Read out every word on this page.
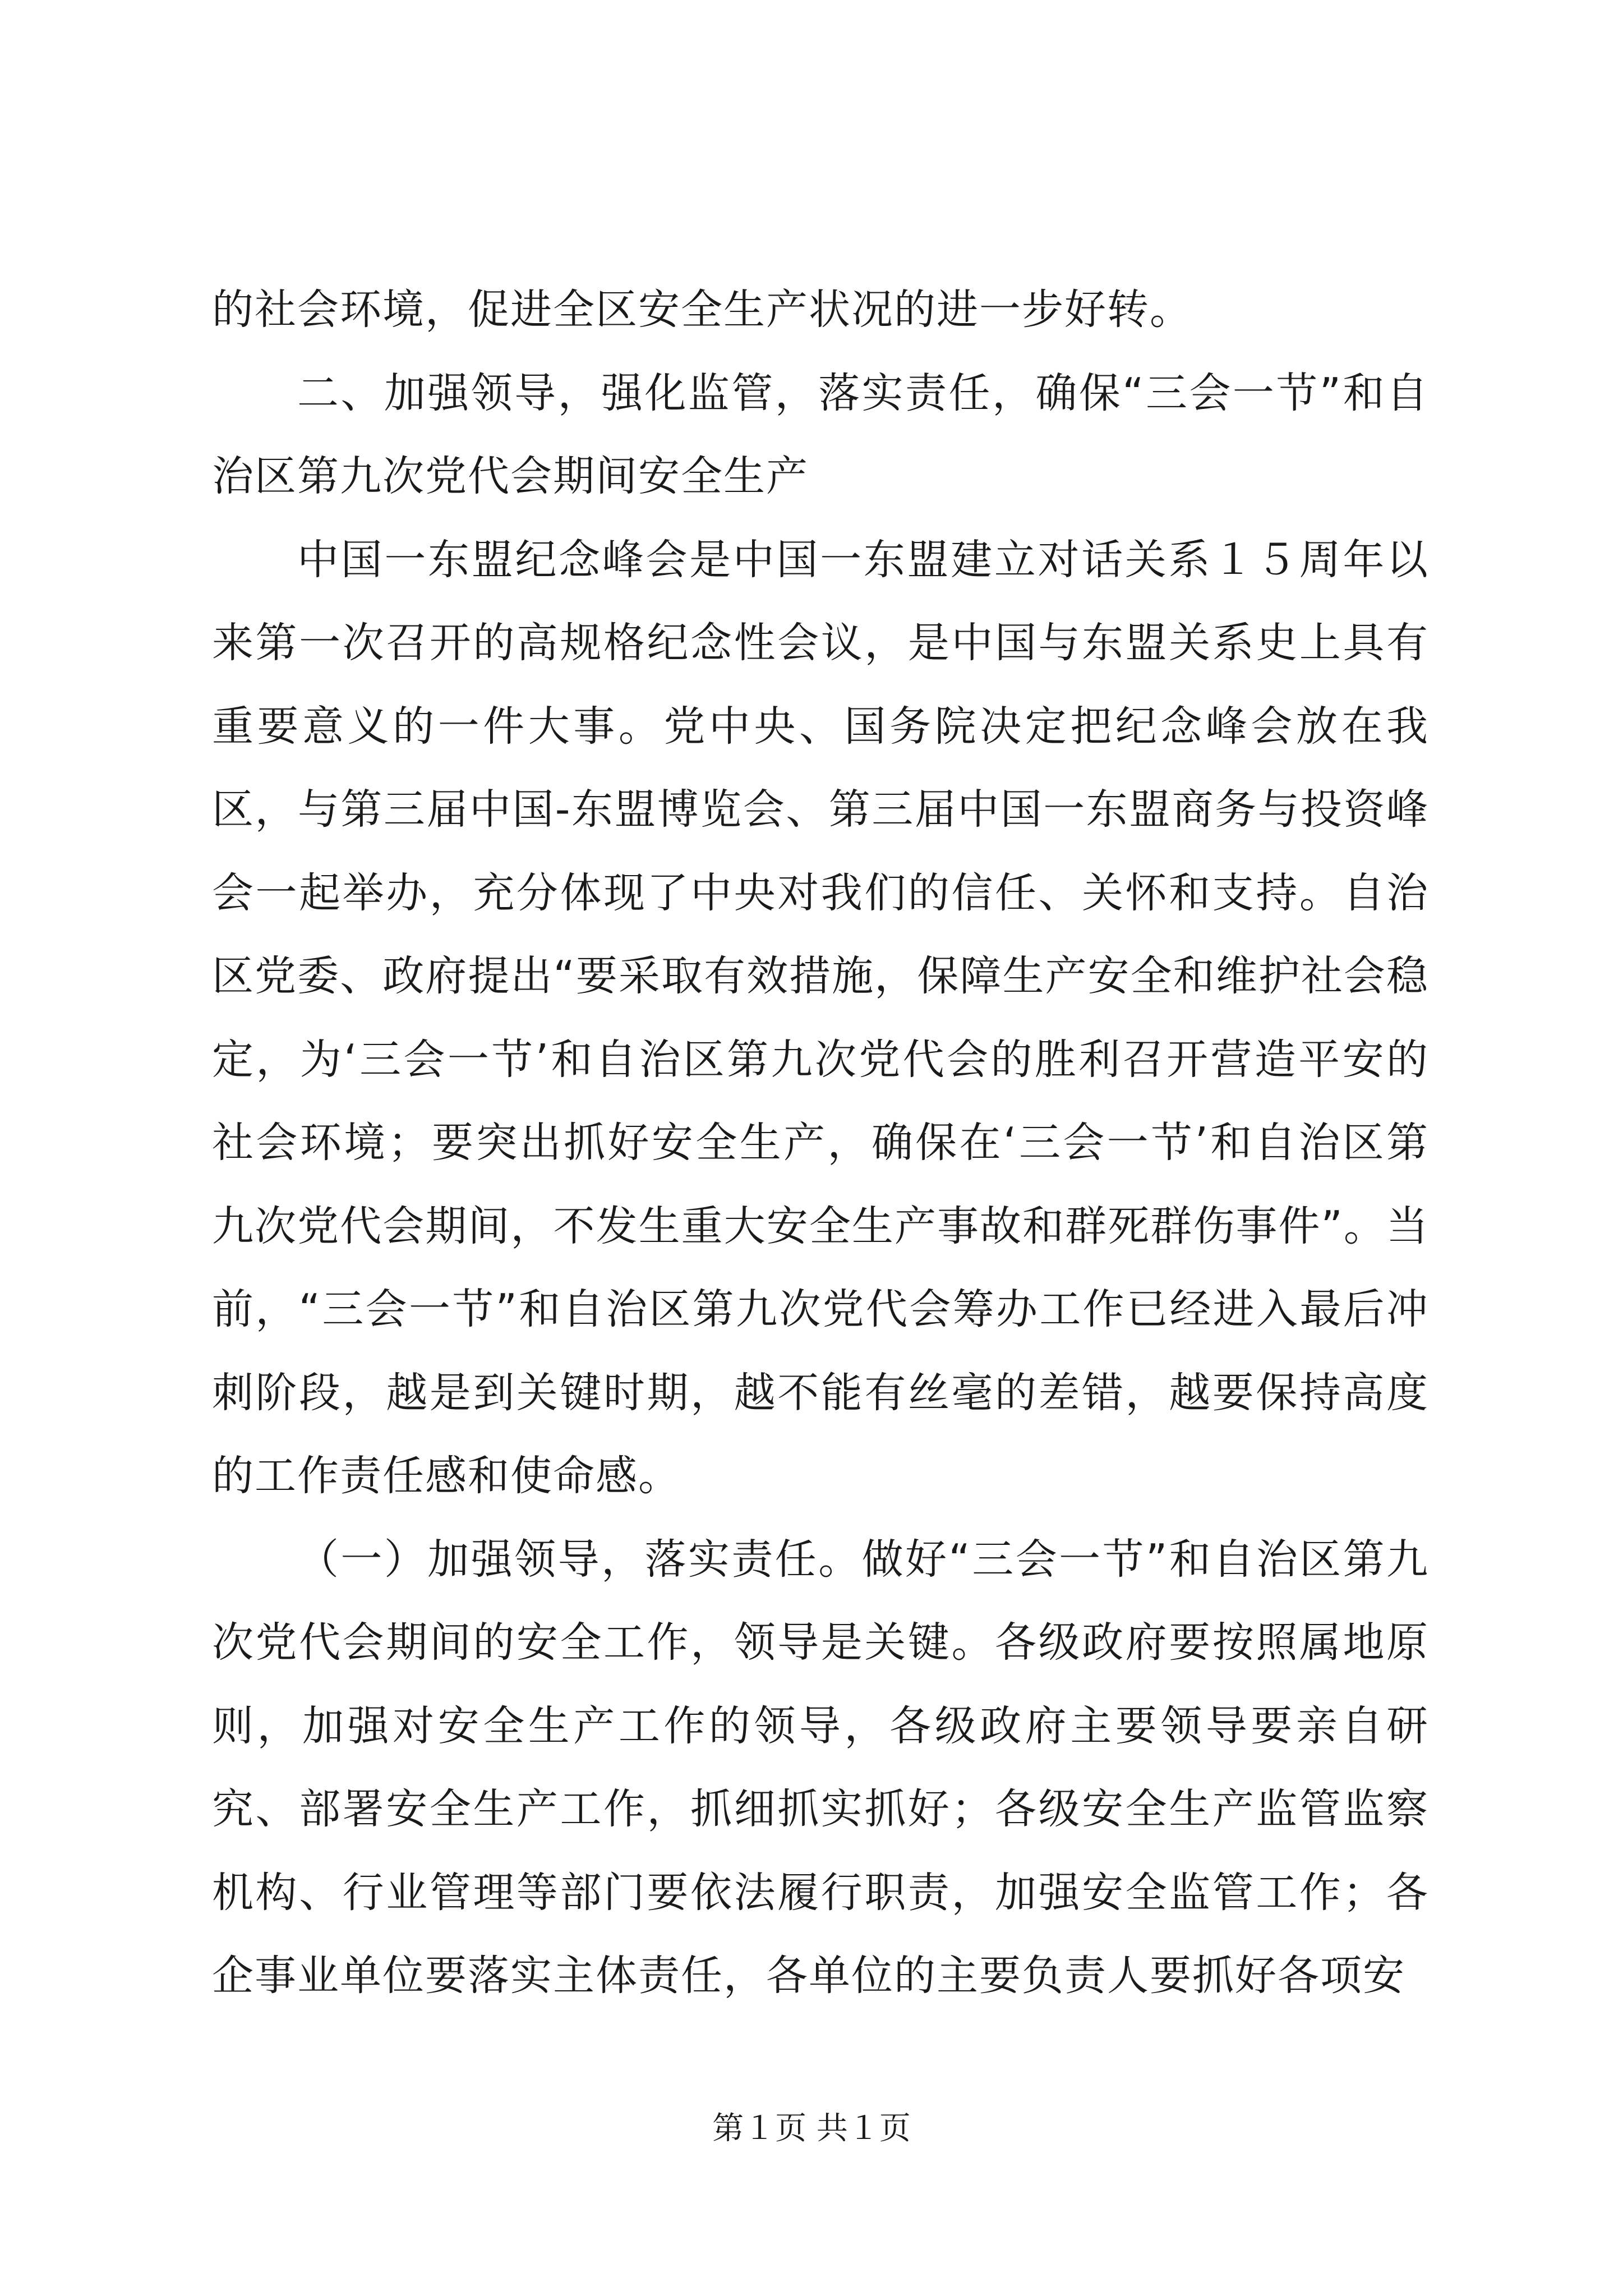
的社会环境，促进全区安全生产状况的进一步好转。

二、加强领导，强化监管，落实责任，确保“三会一节”和自治区第九次党代会期间安全生产

中国一东盟纪念峰会是中国一东盟建立对话关系１５周年以来第一次召开的高规格纪念性会议，是中国与东盟关系史上具有重要意义的一件大事。党中央、国务院决定把纪念峰会放在我区，与第三届中国-东盟博览会、第三届中国一东盟商务与投资峰会一起举办，充分体现了中央对我们的信任、关怀和支持。自治区党委、政府提出“要采取有效措施，保障生产安全和维护社会稳定，为‘三会一节’和自治区第九次党代会的胜利召开营造平安的社会环境；要突出抓好安全生产，确保在‘三会一节’和自治区第九次党代会期间，不发生重大安全生产事故和群死群伤事件”。当前，“三会一节”和自治区第九次党代会筹办工作已经进入最后冲刺阶段，越是到关键时期，越不能有丝毫的差错，越要保持高度的工作责任感和使命感。

（一）加强领导，落实责任。做好“三会一节”和自治区第九次党代会期间的安全工作，领导是关键。各级政府要按照属地原则，加强对安全生产工作的领导，各级政府主要领导要亲自研究、部署安全生产工作，抓细抓实抓好；各级安全生产监管监察机构、行业管理等部门要依法履行职责，加强安全监管工作；各企事业单位要落实主体责任，各单位的主要负责人要抓好各项安

第１页 共１页
